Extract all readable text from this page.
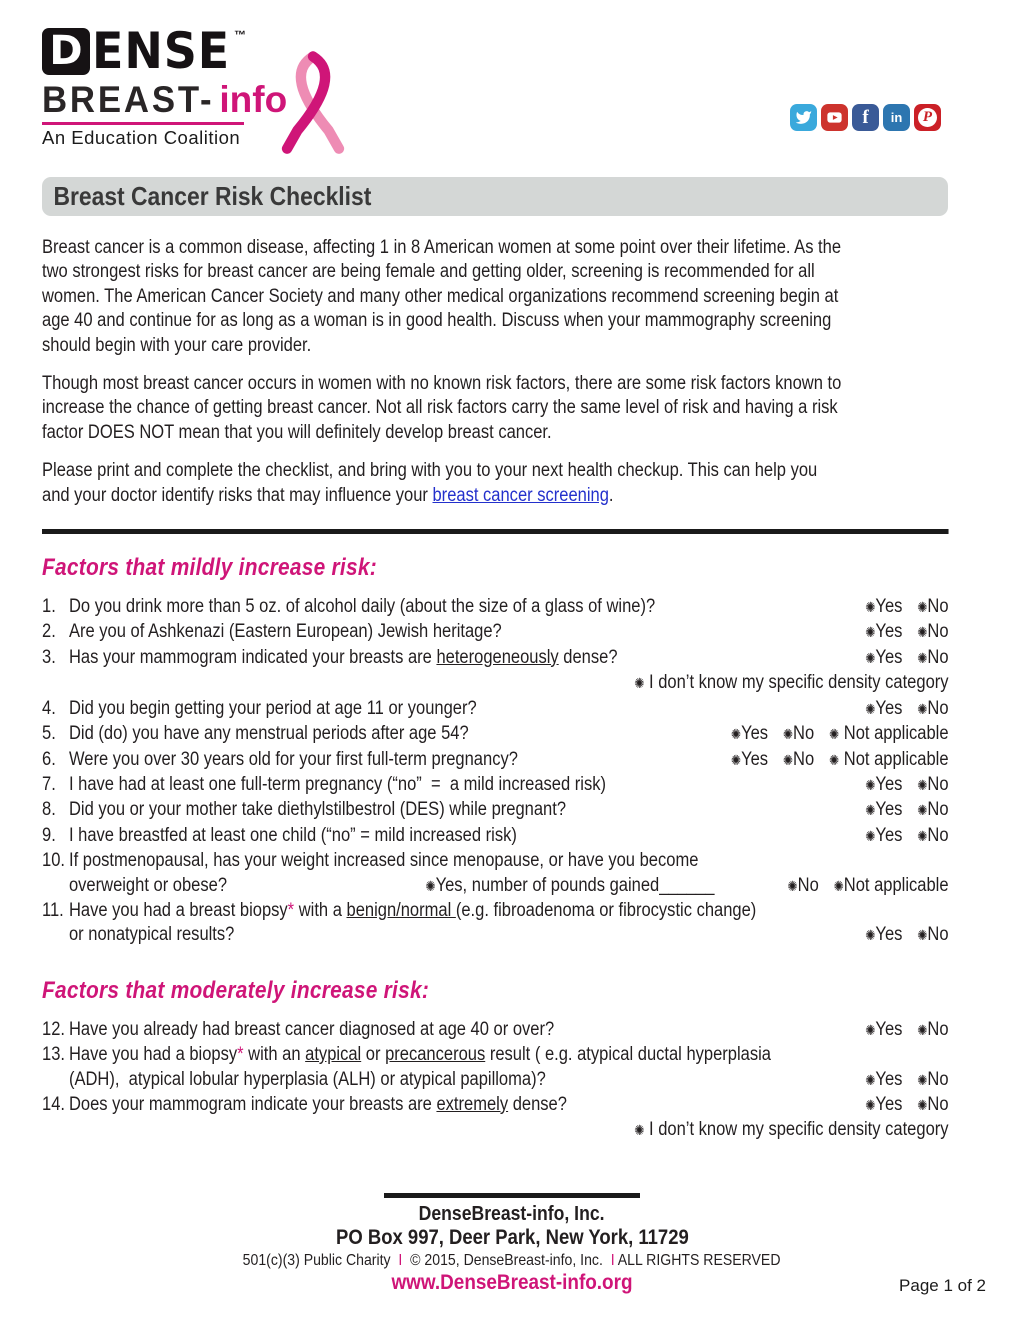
D ENSE ™
BREAST- info
An Education Coalition
f in	P
Breast Cancer Risk Checklist
Breast cancer is a common disease, affecting 1 in 8 American women at some point over their lifetime. As the
two strongest risks for breast cancer are being female and getting older, screening is recommended for all
women. The American Cancer Society and many other medical organizations recommend screening begin at
age 40 and continue for as long as a woman is in good health. Discuss when your mammography screening
should begin with your care provider.
Though most breast cancer occurs in women with no known risk factors, there are some risk factors known to
increase the chance of getting breast cancer. Not all risk factors carry the same level of risk and having a risk
factor DOES NOT mean that you will definitely develop breast cancer.
Please print and complete the checklist, and bring with you to your next health checkup. This can help you
and your doctor identify risks that may influence your breast cancer screening.
Factors that mildly increase risk:
1. Do you drink more than 5 oz. of alcohol daily (about the size of a glass of wine)?	✺Yes ✺No
2. Are you of Ashkenazi (Eastern European) Jewish heritage?	✺Yes ✺No
3. Has your mammogram indicated your breasts are heterogeneously dense?	✺Yes ✺No
✺ I don’t know my specific density category
4. Did you begin getting your period at age 11 or younger?	✺Yes ✺No
5. Did (do) you have any menstrual periods after age 54?	✺Yes ✺No ✺ Not applicable
6. Were you over 30 years old for your first full-term pregnancy?	✺Yes ✺No ✺ Not applicable
7. I have had at least one full-term pregnancy (“no”  =  a mild increased risk)	✺Yes ✺No
8. Did you or your mother take diethylstilbestrol (DES) while pregnant?	✺Yes ✺No
9. I have breastfed at least one child (“no” = mild increased risk)	✺Yes ✺No
10. If postmenopausal, has your weight increased since menopause, or have you become
overweight or obese?	✺Yes, number of pounds gained______	✺No ✺Not applicable
11. Have you had a breast biopsy* with a benign/normal (e.g. fibroadenoma or fibrocystic change)
or nonatypical results?	✺Yes ✺No
Factors that moderately increase risk:
12. Have you already had breast cancer diagnosed at age 40 or over?	✺Yes ✺No
13. Have you had a biopsy* with an atypical or precancerous result ( e.g. atypical ductal hyperplasia
(ADH),  atypical lobular hyperplasia (ALH) or atypical papilloma)?	✺Yes ✺No
14. Does your mammogram indicate your breasts are extremely dense?	✺Yes ✺No
✺ I don’t know my specific density category
DenseBreast-info, Inc.
PO Box 997, Deer Park, New York, 11729
501(c)(3) Public Charity  I  © 2015, DenseBreast-info, Inc.  I ALL RIGHTS RESERVED
www.DenseBreast-info.org	Page 1 of 2
